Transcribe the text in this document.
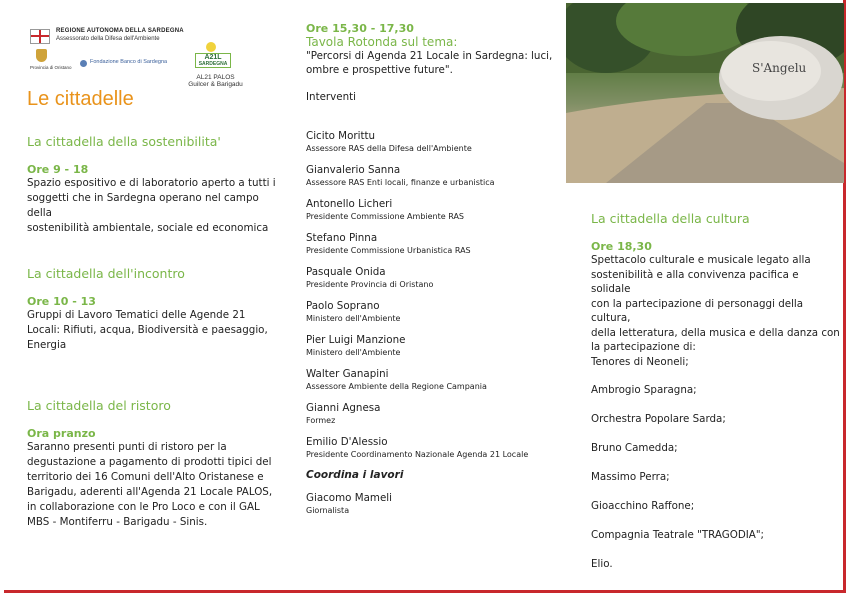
REGIONE AUTONOMA DELLA SARDEGNA
Assessorato della Difesa dell'Ambiente
Provincia di Oristano
Fondazione Banco di Sardegna
A21L
SARDEGNA
AL21 PALOS
Guilcer & Barigadu
Le cittadelle
La cittadella della sostenibilita'
Ore 9 - 18
Spazio espositivo e di laboratorio aperto a tutti i
soggetti che in Sardegna operano nel campo della
sostenibilità ambientale, sociale ed economica
La cittadella dell'incontro
Ore 10 - 13
Gruppi di Lavoro Tematici delle Agende 21
Locali: Rifiuti, acqua, Biodiversità e paesaggio,
Energia
La cittadella del ristoro
Ora pranzo
Saranno presenti punti di ristoro per la
degustazione a pagamento di prodotti tipici del
territorio dei 16 Comuni dell'Alto Oristanese e
Barigadu, aderenti all'Agenda 21 Locale PALOS,
in collaborazione con le Pro Loco e con il GAL
MBS - Montiferru - Barigadu - Sinis.
Ore 15,30 - 17,30
Tavola Rotonda sul tema:
"Percorsi di Agenda 21 Locale in Sardegna: luci,
ombre e prospettive future".
Interventi
Cicito Morittu
Assessore RAS della Difesa dell'Ambiente
Gianvalerio Sanna
Assessore RAS Enti locali, finanze e urbanistica
Antonello Licheri
Presidente Commissione Ambiente RAS
Stefano Pinna
Presidente Commissione Urbanistica RAS
Pasquale Onida
Presidente Provincia di Oristano
Paolo Soprano
Ministero dell'Ambiente
Pier Luigi Manzione
Ministero dell'Ambiente
Walter Ganapini
Assessore Ambiente della Regione Campania
Gianni Agnesa
Formez
Emilio D'Alessio
Presidente Coordinamento Nazionale Agenda 21 Locale
Coordina i lavori
Giacomo Mameli
Giornalista
S'Angelu
La cittadella della cultura
Ore 18,30
Spettacolo culturale e musicale legato alla
sostenibilità e alla convivenza pacifica e solidale
con la partecipazione di personaggi della cultura,
della letteratura, della musica e della danza con
la partecipazione di:
Tenores di Neoneli;
Ambrogio Sparagna;
Orchestra Popolare Sarda;
Bruno Camedda;
Massimo Perra;
Gioacchino Raffone;
Compagnia Teatrale "TRAGODIA";
Elio.
